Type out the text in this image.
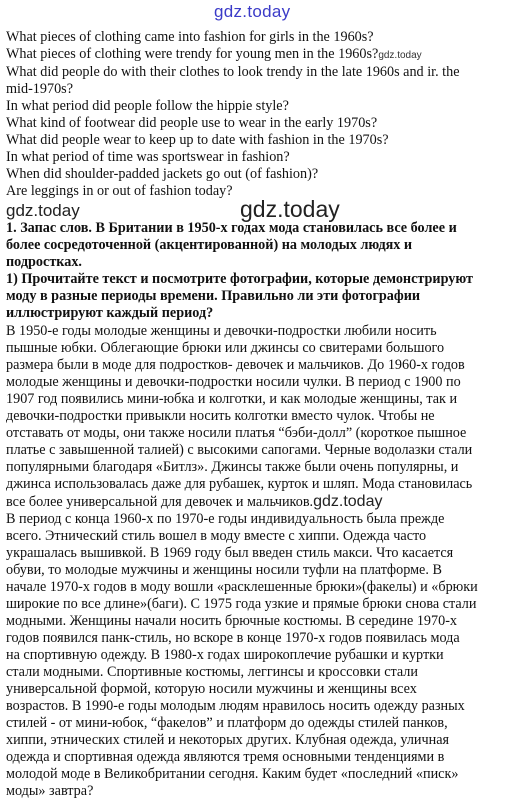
gdz.today
What pieces of clothing came into fashion for girls in the 1960s?
What pieces of clothing were trendy for young men in the 1960s?gdz.today
What did people do with their clothes to look trendy in the late 1960s and ir. the
mid-1970s?
In what period did people follow the hippie style?
What kind of footwear did people use to wear in the early 1970s?
What did people wear to keep up to date with fashion in the 1970s?
In what period of time was sportswear in fashion?
When did shoulder-padded jackets go out (of fashion)?
Are leggings in or out of fashion today?
gdz.today	gdz.today
1. Запас слов. В Британии в 1950-х годах мода становилась все более и
более сосредоточенной (акцентированной) на молодых людях и
подростках.
1) Прочитайте текст и посмотрите фотографии, которые демонстрируют
моду в разные периоды времени. Правильно ли эти фотографии
иллюстрируют каждый период?
В 1950-е годы молодые женщины и девочки-подростки любили носить
пышные юбки. Облегающие брюки или джинсы со свитерами большого
размера были в моде для подростков- девочек и мальчиков. До 1960-х годов
молодые женщины и девочки-подростки носили чулки. В период с 1900 по
1907 год появились мини-юбка и колготки, и как молодые женщины, так и
девочки-подростки привыкли носить колготки вместо чулок. Чтобы не
отставать от моды, они также носили платья “бэби-долл” (короткое пышное
платье с завышенной талией) с высокими сапогами. Черные водолазки стали
популярными благодаря «Битлз». Джинсы также были очень популярны, и
джинса использовалась даже для рубашек, курток и шляп. Мода становилась
все более универсальной для девочек и мальчиков.gdz.today
В период с конца 1960-х по 1970-е годы индивидуальность была прежде
всего. Этнический стиль вошел в моду вместе с хиппи. Одежда часто
украшалась вышивкой. В 1969 году был введен стиль макси. Что касается
обуви, то молодые мужчины и женщины носили туфли на платформе. В
начале 1970-х годов в моду вошли «расклешенные брюки»(факелы) и «брюки
широкие по все длине»(баги). С 1975 года узкие и прямые брюки снова стали
модными. Женщины начали носить брючные костюмы. В середине 1970-х
годов появился панк-стиль, но вскоре в конце 1970-х годов появилась мода
на спортивную одежду. В 1980-х годах широкоплечие рубашки и куртки
стали модными. Спортивные костюмы, леггинсы и кроссовки стали
универсальной формой, которую носили мужчины и женщины всех
возрастов. В 1990-е годы молодым людям нравилось носить одежду разных
стилей - от мини-юбок, “факелов” и платформ до одежды стилей панков,
хиппи, этнических стилей и некоторых других. Клубная одежда, уличная
одежда и спортивная одежда являются тремя основными тенденциями в
молодой моде в Великобритании сегодня. Каким будет «последний «писк»
моды» завтра?
